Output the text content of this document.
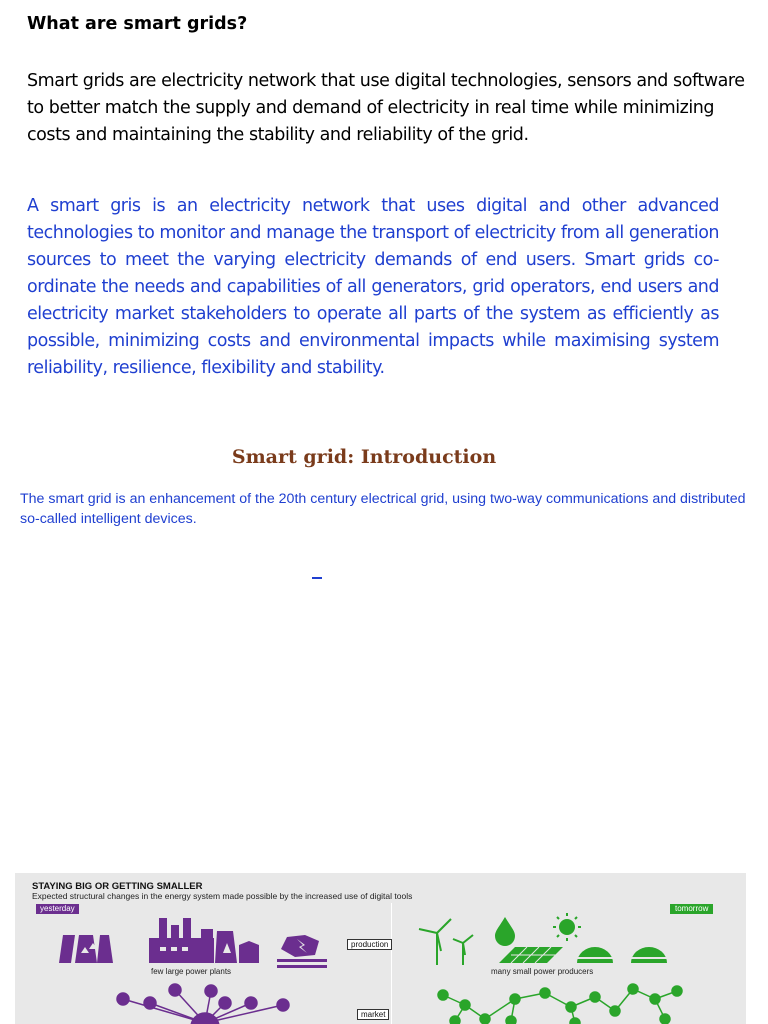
What are smart grids?

Smart grids are electricity network that use digital technologies, sensors and software to better match the supply and demand of electricity in real time while minimizing costs and maintaining the stability and reliability of the grid.

A smart gris is an electricity network that uses digital and other advanced technologies to monitor and manage the transport of electricity from all generation sources to meet the varying electricity demands of end users. Smart grids co-ordinate the needs and capabilities of all generators, grid operators, end users and electricity market stakeholders to operate all parts of the system as efficiently as possible, minimizing costs and environmental impacts while maximising system reliability, resilience, flexibility and stability.

Smart grid: Introduction

The smart grid is an enhancement of the 20th century electrical grid, using two-way communications and distributed so-called intelligent devices.

STAYING BIG OR GETTING SMALLER

Expected structural changes in the energy system made possible by the increased use of digital tools

yesterday	tomorrow
production
market

few large power plants	many small power producers
